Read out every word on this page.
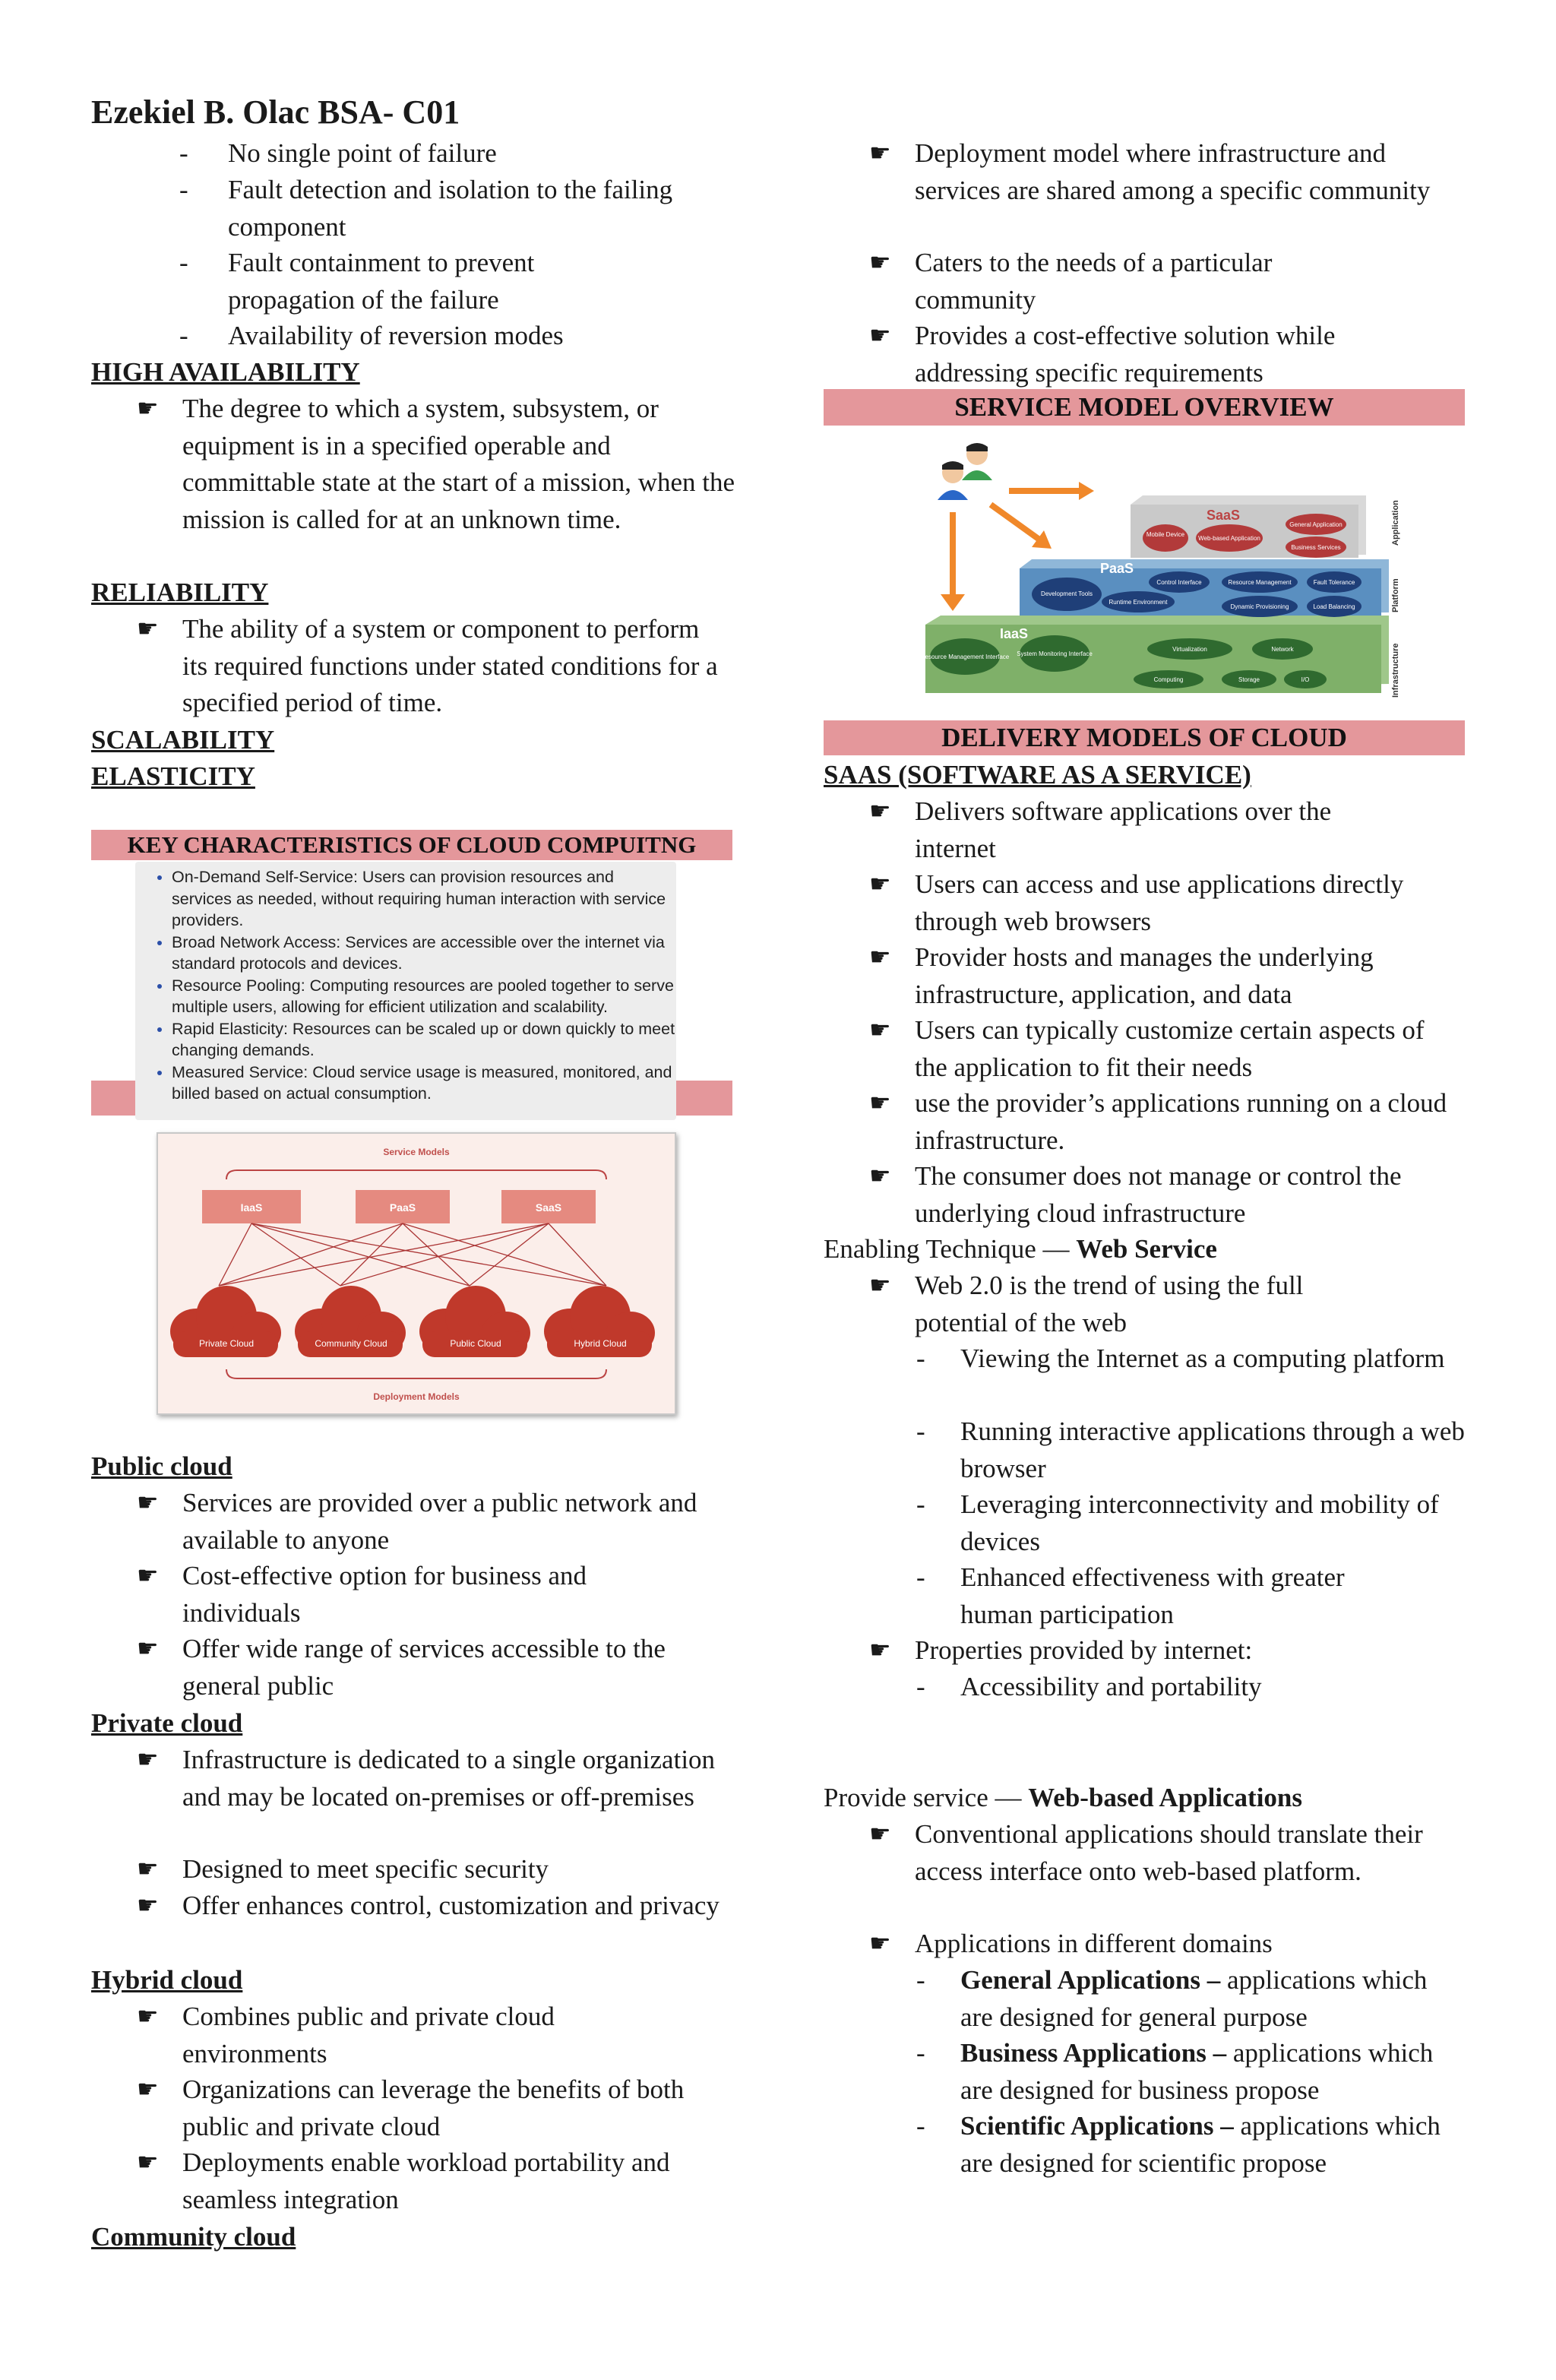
Ezekiel B. Olac BSA- C01
- No single point of failure
- Fault detection and isolation to the failing component
- Fault containment to prevent propagation of the failure
- Availability of reversion modes
HIGH AVAILABILITY
☛ The degree to which a system, subsystem, or equipment is in a specified operable and committable state at the start of a mission, when the mission is called for at an unknown time.
RELIABILITY
☛ The ability of a system or component to perform its required functions under stated conditions for a specified period of time.
SCALABILITY
ELASTICITY
KEY CHARACTERISTICS OF CLOUD COMPUITNG
• On-Demand Self-Service: Users can provision resources and services as needed, without requiring human interaction with service providers.
• Broad Network Access: Services are accessible over the internet via standard protocols and devices.
• Resource Pooling: Computing resources are pooled together to serve multiple users, allowing for efficient utilization and scalability.
• Rapid Elasticity: Resources can be scaled up or down quickly to meet changing demands.
• Measured Service: Cloud service usage is measured, monitored, and billed based on actual consumption.
Service Models
IaaS	PaaS	SaaS
Private Cloud	Community Cloud	Public Cloud	Hybrid Cloud
Deployment Models
Public cloud
☛ Services are provided over a public network and available to anyone
☛ Cost-effective option for business and individuals
☛ Offer wide range of services accessible to the general public
Private cloud
☛ Infrastructure is dedicated to a single organization and may be located on-premises or off-premises
☛ Designed to meet specific security
☛ Offer enhances control, customization and privacy
Hybrid cloud
☛ Combines public and private cloud environments
☛ Organizations can leverage the benefits of both public and private cloud
☛ Deployments enable workload portability and seamless integration
Community cloud
☛ Deployment model where infrastructure and services are shared among a specific community
☛ Caters to the needs of a particular community
☛ Provides a cost-effective solution while addressing specific requirements
SERVICE MODEL OVERVIEW
SaaS
PaaS
IaaS
Mobile Device
Web-based Application
General Application
Business Services
Development Tools
Runtime Environment
Control Interface	Resource Management	Fault Tolerance
Dynamic Provisioning	Load Balancing
Resource Management Interface System Monitoring Interface
Virtualization	Network
Computing	Storage	I/O
Application
Platform
Infrastructure
DELIVERY MODELS OF CLOUD
SAAS (SOFTWARE AS A SERVICE)
☛ Delivers software applications over the internet
☛ Users can access and use applications directly through web browsers
☛ Provider hosts and manages the underlying infrastructure, application, and data
☛ Users can typically customize certain aspects of the application to fit their needs
☛ use the provider’s applications running on a cloud infrastructure.
☛ The consumer does not manage or control the underlying cloud infrastructure
Enabling Technique — Web Service
☛ Web 2.0 is the trend of using the full potential of the web
- Viewing the Internet as a computing platform
- Running interactive applications through a web browser
- Leveraging interconnectivity and mobility of devices
- Enhanced effectiveness with greater human participation
☛ Properties provided by internet:
- Accessibility and portability
Provide service — Web-based Applications
☛ Conventional applications should translate their access interface onto web-based platform.
☛ Applications in different domains
- General Applications – applications which are designed for general purpose
- Business Applications – applications which are designed for business propose
- Scientific Applications – applications which are designed for scientific propose
